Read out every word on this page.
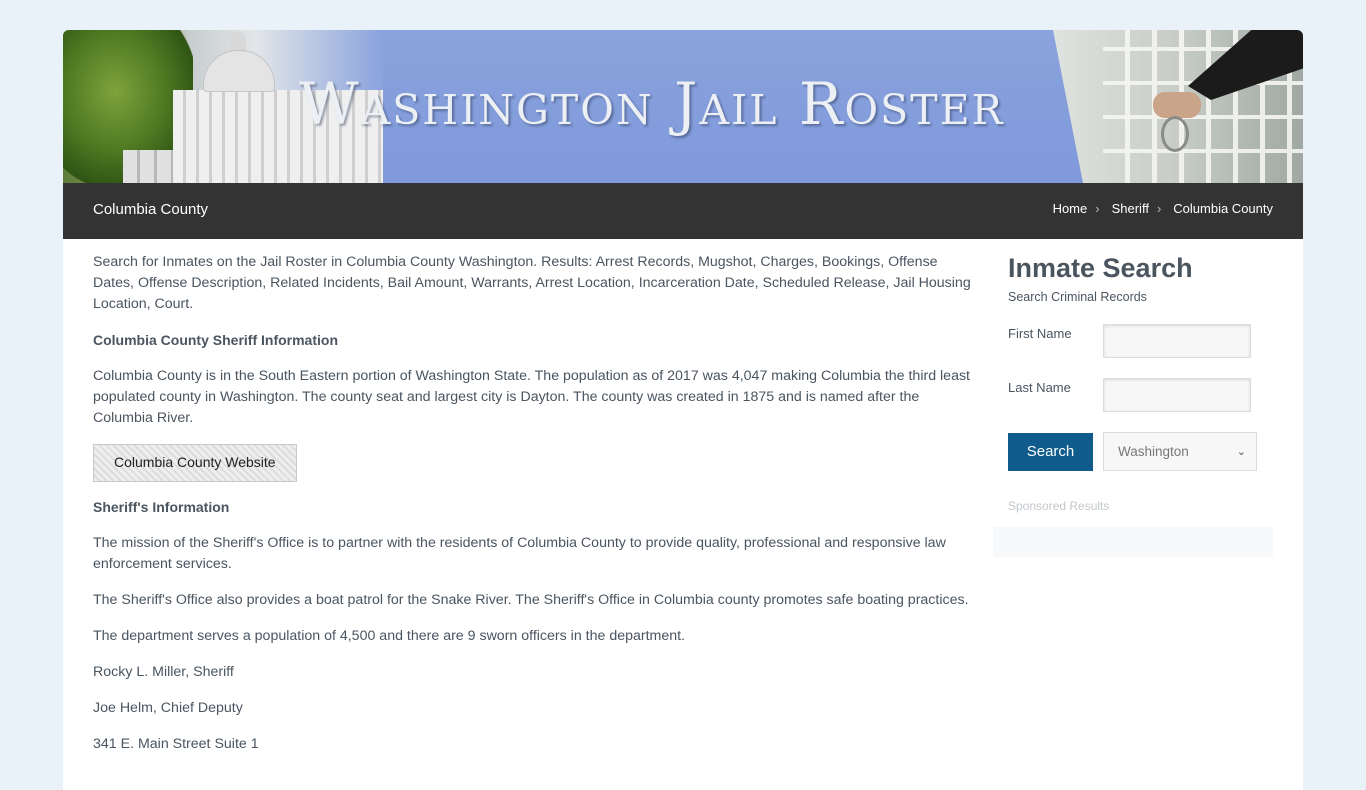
Washington Jail Roster
Columbia County	Home › Sheriff › Columbia County

Search for Inmates on the Jail Roster in Columbia County Washington. Results: Arrest Records, Mugshot, Charges, Bookings, Offense Dates, Offense Description, Related Incidents, Bail Amount, Warrants, Arrest Location, Incarceration Date, Scheduled Release, Jail Housing Location, Court.

Columbia County Sheriff Information

Columbia County is in the South Eastern portion of Washington State. The population as of 2017 was 4,047 making Columbia the third least populated county in Washington. The county seat and largest city is Dayton. The county was created in 1875 and is named after the Columbia River.

Columbia County Website
Sheriff's Information

The mission of the Sheriff's Office is to partner with the residents of Columbia County to provide quality, professional and responsive law enforcement services.

The Sheriff's Office also provides a boat patrol for the Snake River. The Sheriff's Office in Columbia county promotes safe boating practices.

The department serves a population of 4,500 and there are 9 sworn officers in the department.

Rocky L. Miller, Sheriff

Joe Helm, Chief Deputy

341 E. Main Street Suite 1

Inmate Search
Search Criminal Records
First Name
Last Name
Search	Washington	⌄
Sponsored Results
